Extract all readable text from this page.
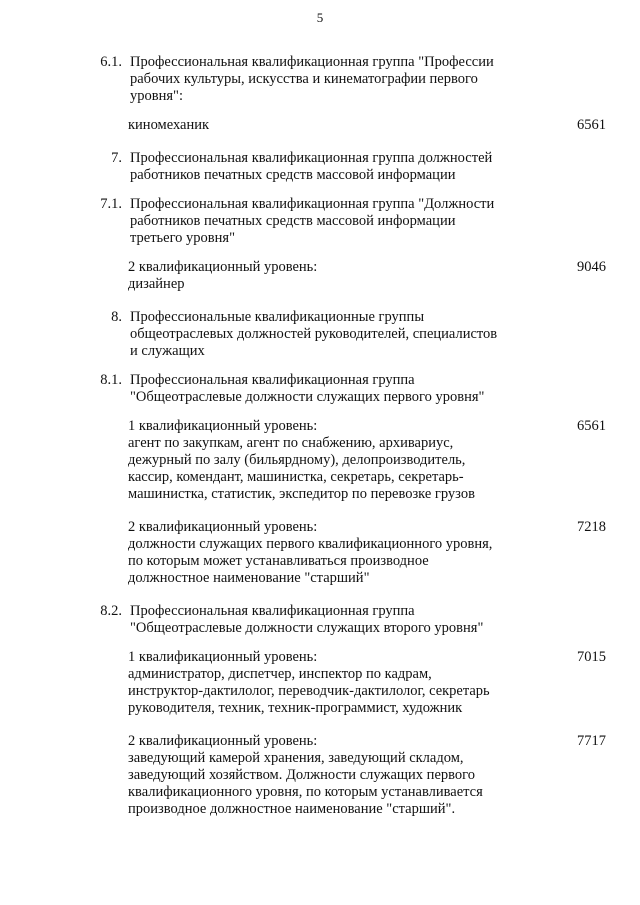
5
6.1. Профессиональная квалификационная группа "Профессии
рабочих культуры, искусства и кинематографии первого
уровня":
киномеханик	6561
7. Профессиональная квалификационная группа должностей
работников печатных средств массовой информации
7.1. Профессиональная квалификационная группа "Должности
работников печатных средств массовой информации
третьего уровня"
2 квалификационный уровень:
дизайнер
9046
8. Профессиональные квалификационные группы
общеотраслевых должностей руководителей, специалистов
и служащих
8.1. Профессиональная квалификационная группа
"Общеотраслевые должности служащих первого уровня"
1 квалификационный уровень:
агент по закупкам, агент по снабжению, архивариус,
дежурный по залу (бильярдному), делопроизводитель,
кассир, комендант, машинистка, секретарь, секретарь-
машинистка, статистик, экспедитор по перевозке грузов
6561
2 квалификационный уровень:
должности служащих первого квалификационного уровня,
по которым может устанавливаться производное
должностное наименование "старший"
7218
8.2. Профессиональная квалификационная группа
"Общеотраслевые должности служащих второго уровня"
1 квалификационный уровень:
администратор, диспетчер, инспектор по кадрам,
инструктор-дактилолог, переводчик-дактилолог, секретарь
руководителя, техник, техник-программист, художник
7015
2 квалификационный уровень:
заведующий камерой хранения, заведующий складом,
заведующий хозяйством. Должности служащих первого
квалификационного уровня, по которым устанавливается
производное должностное наименование "старший".
7717
